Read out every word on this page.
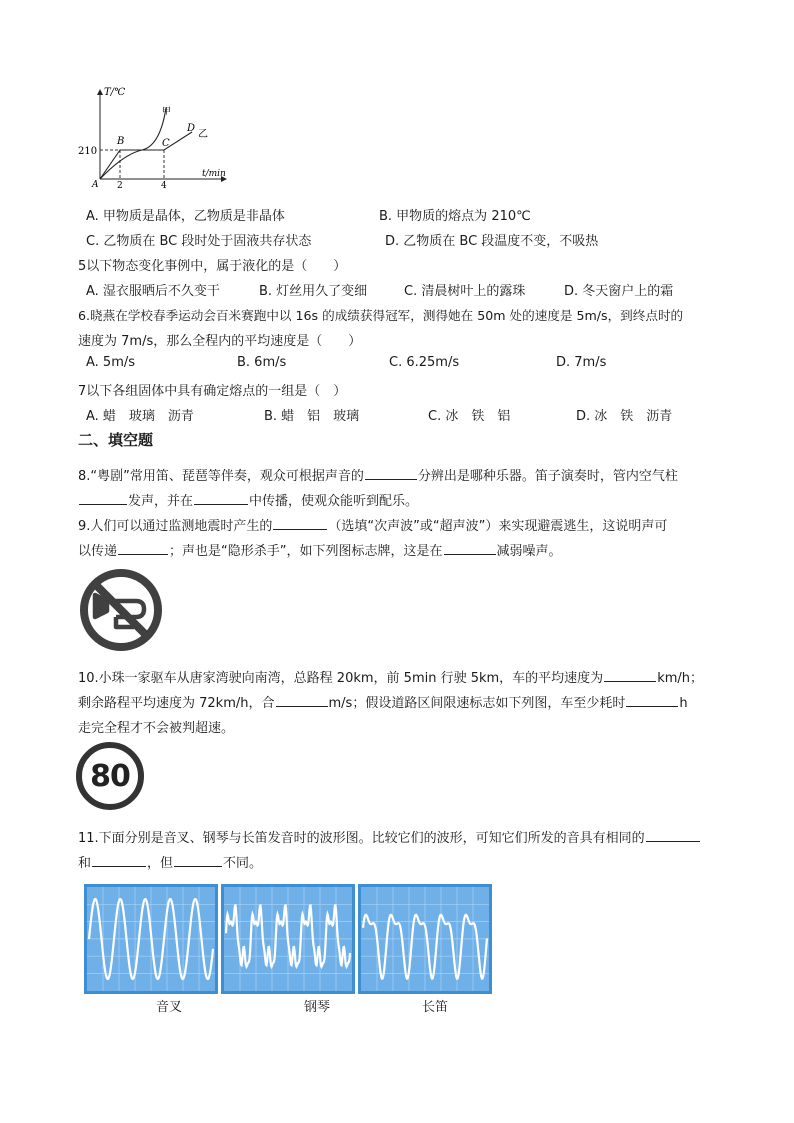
T/℃
t/min
210
2	4
A
B	C
D
乙
甲
A. 甲物质是晶体，乙物质是非晶体	B. 甲物质的熔点为 210℃
C. 乙物质在 BC 段时处于固液共存状态	D. 乙物质在 BC 段温度不变，不吸热
5以下物态变化事例中，属于液化的是（　　）
A. 湿衣服晒后不久变干	B. 灯丝用久了变细	C. 清晨树叶上的露珠	D. 冬天窗户上的霜
6.晓燕在学校春季运动会百米赛跑中以 16s 的成绩获得冠军，测得她在 50m 处的速度是 5m/s，到终点时的
速度为 7m/s，那么全程内的平均速度是（　　）
A. 5m/s	B. 6m/s	C. 6.25m/s	D. 7m/s
7以下各组固体中具有确定熔点的一组是（　）
A. 蜡　玻璃　沥青	B. 蜡　铝　玻璃	C. 冰　铁　铝	D. 冰　铁　沥青
二、填空题
8.“粤剧”常用笛、琵琶等伴奏，观众可根据声音的	分辨出是哪种乐器。笛子演奏时，管内空气柱
发声，并在	中传播，使观众能听到配乐。
9.人们可以通过监测地震时产生的	（选填“次声波”或“超声波”）来实现避震逃生，这说明声可
以传递	；声也是“隐形杀手”，如下列图标志牌，这是在	减弱噪声。
10.小珠一家驱车从唐家湾驶向南湾，总路程 20km，前 5min 行驶 5km，车的平均速度为	km/h；
剩余路程平均速度为 72km/h，合	m/s；假设道路区间限速标志如下列图，车至少耗时	h
走完全程才不会被判超速。
80
11.下面分别是音叉、钢琴与长笛发音时的波形图。比较它们的波形，可知它们所发的音具有相同的
和	，但	不同。
音叉	钢琴	长笛
